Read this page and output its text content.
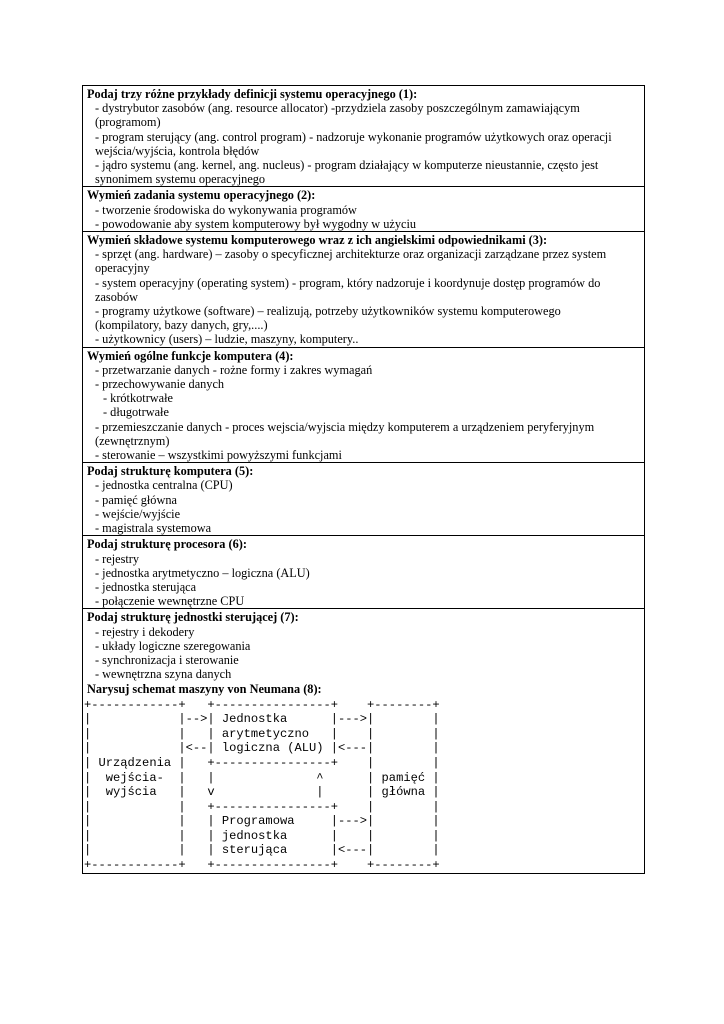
Podaj trzy różne przykłady definicji systemu operacyjnego (1):
- dystrybutor zasobów (ang. resource allocator) -przydziela zasoby poszczególnym zamawiającym
(programom)
- program sterujący (ang. control program) - nadzoruje wykonanie programów użytkowych oraz operacji
wejścia/wyjścia, kontrola błędów
- jądro systemu (ang. kernel, ang. nucleus) - program działający w komputerze nieustannie, często jest
synonimem systemu operacyjnego
Wymień zadania systemu operacyjnego (2):
- tworzenie środowiska do wykonywania programów
- powodowanie aby system komputerowy był wygodny w użyciu
Wymień składowe systemu komputerowego wraz z ich angielskimi odpowiednikami (3):
- sprzęt (ang. hardware) – zasoby o specyficznej architekturze oraz organizacji zarządzane przez system
operacyjny
- system operacyjny (operating system) - program, który nadzoruje i koordynuje dostęp programów do
zasobów
- programy użytkowe (software) – realizują, potrzeby użytkowników systemu komputerowego
(kompilatory, bazy danych, gry,....)
- użytkownicy (users) – ludzie, maszyny, komputery..
Wymień ogólne funkcje komputera (4):
- przetwarzanie danych - rożne formy i zakres wymagań
- przechowywanie danych
- krótkotrwałe
- długotrwałe
- przemieszczanie danych - proces wejscia/wyjscia między komputerem a urządzeniem peryferyjnym
(zewnętrznym)
- sterowanie – wszystkimi powyższymi funkcjami
Podaj strukturę komputera (5):
- jednostka centralna (CPU)
- pamięć główna
- wejście/wyjście
- magistrala systemowa
Podaj strukturę procesora (6):
- rejestry
- jednostka arytmetyczno – logiczna (ALU)
- jednostka sterująca
- połączenie wewnętrzne CPU
Podaj strukturę jednostki sterującej (7):
- rejestry i dekodery
- układy logiczne szeregowania
- synchronizacja i sterowanie
- wewnętrzna szyna danych
Narysuj schemat maszyny von Neumana (8):
+------------+   +----------------+    +--------+
|            |-->| Jednostka      |--->|        |
|            |   | arytmetyczno   |    |        |
|            |<--| logiczna (ALU) |<---|        |
| Urządzenia |   +----------------+    |        |
|  wejścia-  |   |              ^      | pamięć |
|  wyjścia   |   v              |      | główna |
|            |   +----------------+    |        |
|            |   | Programowa     |--->|        |
|            |   | jednostka      |    |        |
|            |   | sterująca      |<---|        |
+------------+   +----------------+    +--------+
